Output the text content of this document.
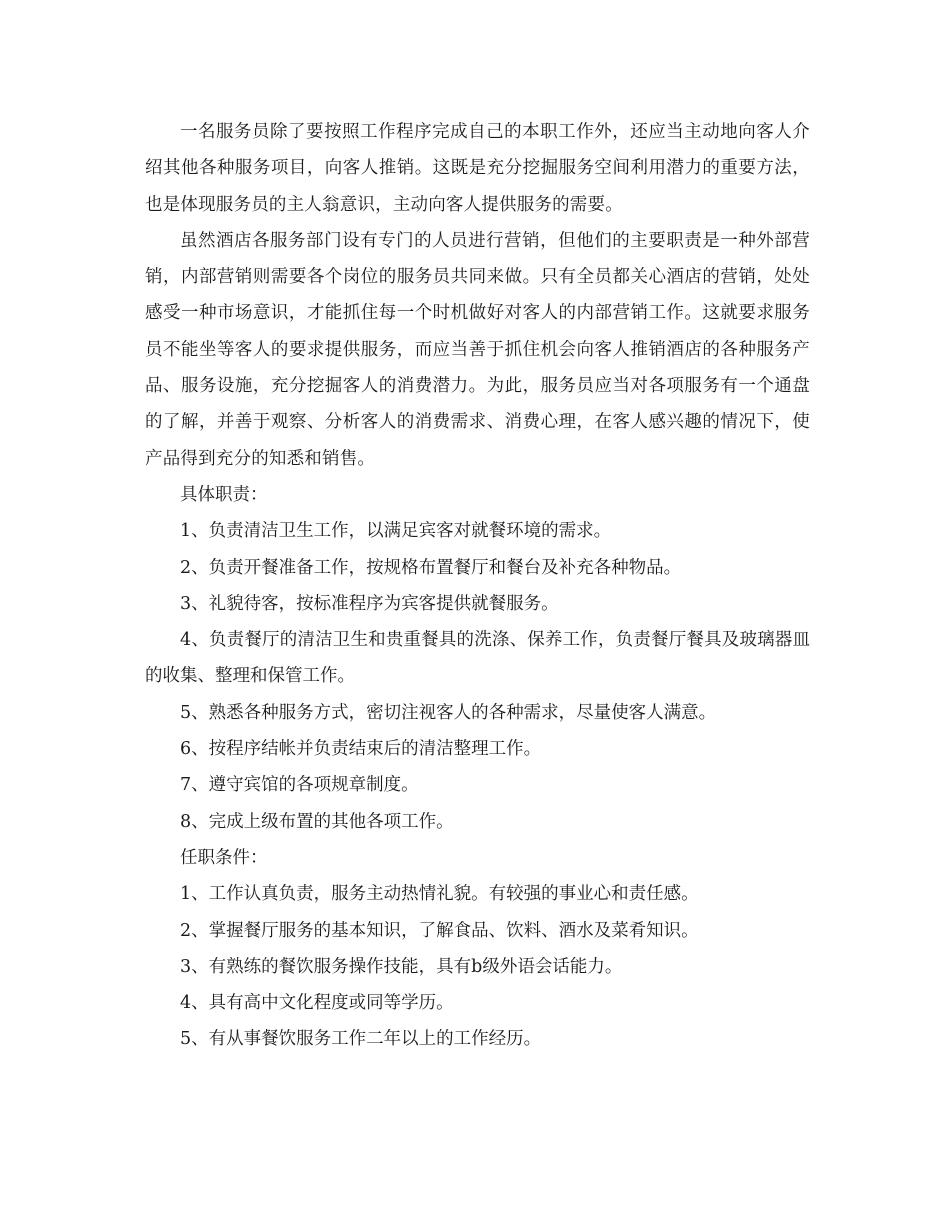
一名服务员除了要按照工作程序完成自己的本职工作外，还应当主动地向客人介绍其他各种服务项目，向客人推销。这既是充分挖掘服务空间利用潜力的重要方法，也是体现服务员的主人翁意识，主动向客人提供服务的需要。

虽然酒店各服务部门设有专门的人员进行营销，但他们的主要职责是一种外部营销，内部营销则需要各个岗位的服务员共同来做。只有全员都关心酒店的营销，处处感受一种市场意识，才能抓住每一个时机做好对客人的内部营销工作。这就要求服务员不能坐等客人的要求提供服务，而应当善于抓住机会向客人推销酒店的各种服务产品、服务设施，充分挖掘客人的消费潜力。为此，服务员应当对各项服务有一个通盘的了解，并善于观察、分析客人的消费需求、消费心理，在客人感兴趣的情况下，使产品得到充分的知悉和销售。

具体职责：

1、负责清洁卫生工作，以满足宾客对就餐环境的需求。

2、负责开餐准备工作，按规格布置餐厅和餐台及补充各种物品。

3、礼貌待客，按标准程序为宾客提供就餐服务。

4、负责餐厅的清洁卫生和贵重餐具的洗涤、保养工作，负责餐厅餐具及玻璃器皿的收集、整理和保管工作。

5、熟悉各种服务方式，密切注视客人的各种需求，尽量使客人满意。

6、按程序结帐并负责结束后的清洁整理工作。

7、遵守宾馆的各项规章制度。

8、完成上级布置的其他各项工作。

任职条件：

1、工作认真负责，服务主动热情礼貌。有较强的事业心和责任感。

2、掌握餐厅服务的基本知识，了解食品、饮料、酒水及菜肴知识。

3、有熟练的餐饮服务操作技能，具有b级外语会话能力。

4、具有高中文化程度或同等学历。

5、有从事餐饮服务工作二年以上的工作经历。
